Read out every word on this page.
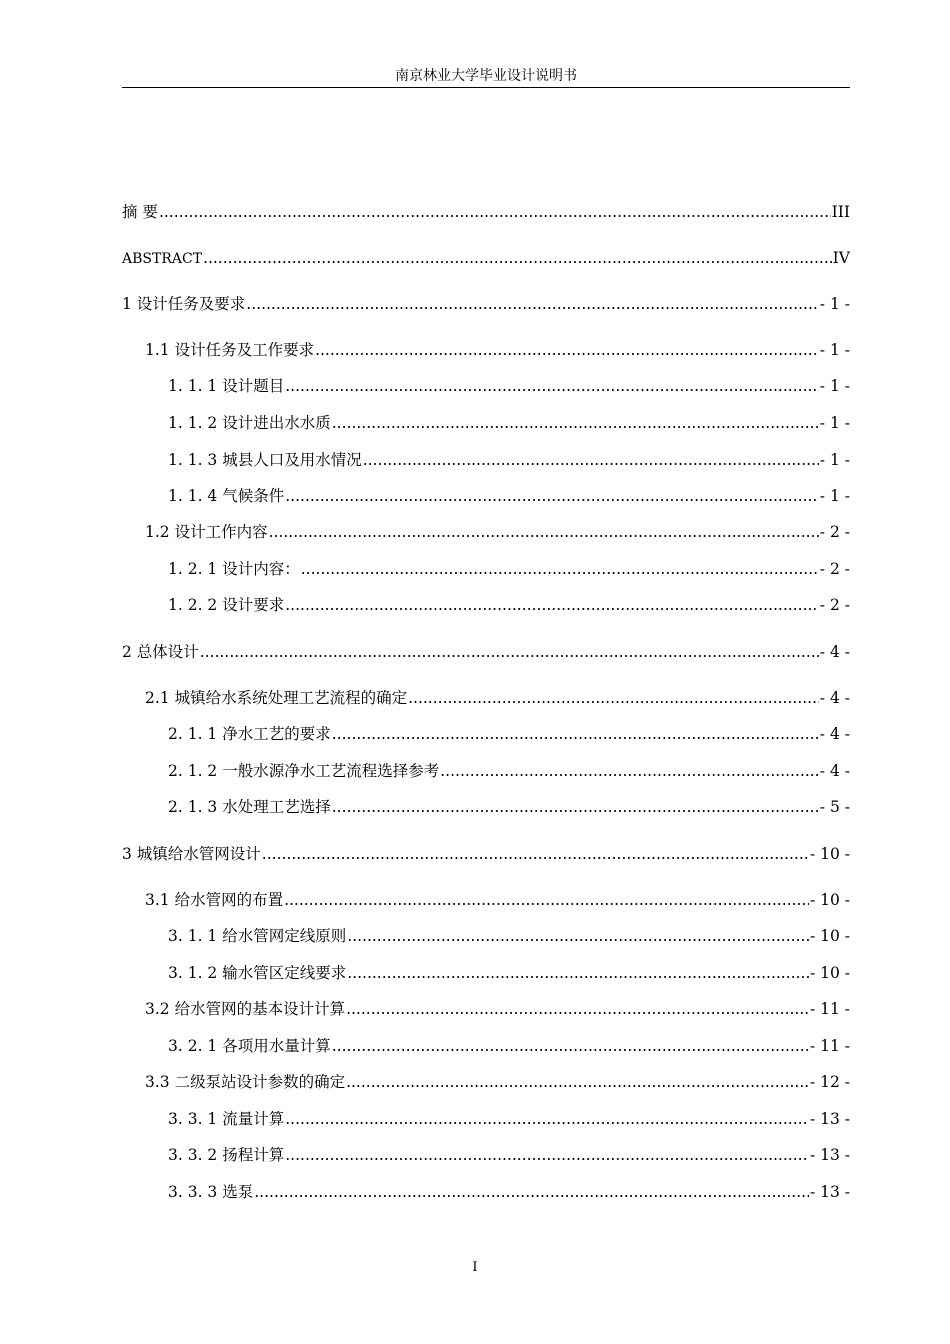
南京林业大学毕业设计说明书
摘 要 .....	III
ABSTRACT .....	IV
1 设计任务及要求 .....	- 1 -
1.1 设计任务及工作要求 .....	- 1 -
1. 1. 1 设计题目 .....	- 1 -
1. 1. 2 设计进出水水质 .....	- 1 -
1. 1. 3 城县人口及用水情况 .....	- 1 -
1. 1. 4 气候条件 .....	- 1 -
1.2 设计工作内容 .....	- 2 -
1. 2. 1 设计内容： .....	- 2 -
1. 2. 2 设计要求 .....	- 2 -
2 总体设计 .....	- 4 -
2.1 城镇给水系统处理工艺流程的确定 .....	- 4 -
2. 1. 1 净水工艺的要求 .....	- 4 -
2. 1. 2 一般水源净水工艺流程选择参考 .....	- 4 -
2. 1. 3 水处理工艺选择 .....	- 5 -
3 城镇给水管网设计 .....	- 10 -
3.1 给水管网的布置 .....	- 10 -
3. 1. 1 给水管网定线原则 .....	- 10 -
3. 1. 2 输水管区定线要求 .....	- 10 -
3.2 给水管网的基本设计计算 .....	- 11 -
3. 2. 1 各项用水量计算 .....	- 11 -
3.3 二级泵站设计参数的确定 .....	- 12 -
3. 3. 1 流量计算 .....	- 13 -
3. 3. 2 扬程计算 .....	- 13 -
3. 3. 3 选泵 .....	- 13 -
I
